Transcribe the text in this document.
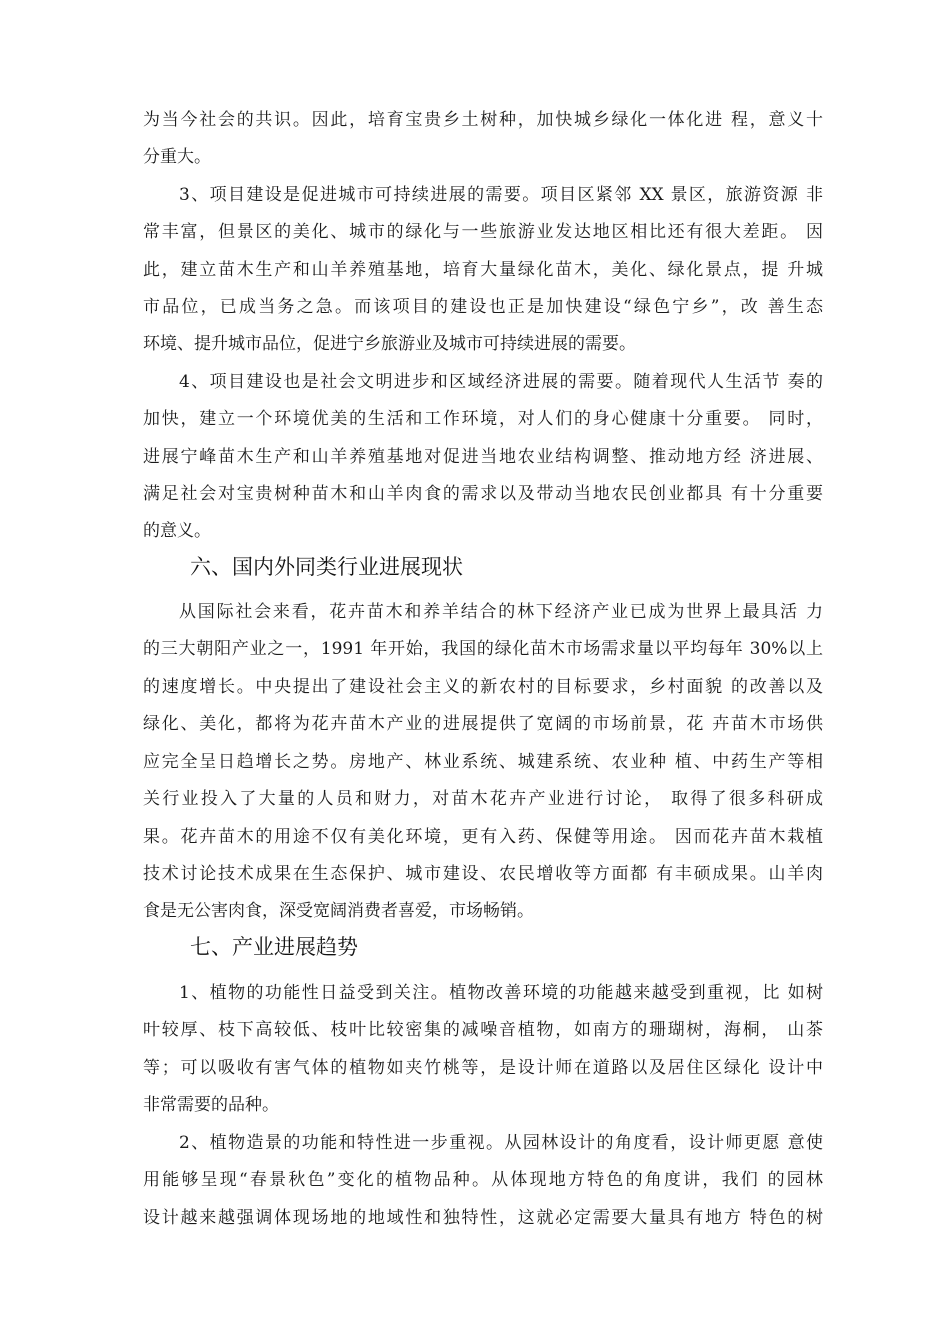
为当今社会的共识。因此，培育宝贵乡土树种，加快城乡绿化一体化进 程，意义十
分重大。
3、项目建设是促进城市可持续进展的需要。项目区紧邻 XX 景区，旅游资源 非
常丰富，但景区的美化、城市的绿化与一些旅游业发达地区相比还有很大差距。 因
此，建立苗木生产和山羊养殖基地，培育大量绿化苗木，美化、绿化景点，提 升城
市品位，已成当务之急。而该项目的建设也正是加快建设“绿色宁乡”，改 善生态
环境、提升城市品位，促进宁乡旅游业及城市可持续进展的需要。
4、项目建设也是社会文明进步和区域经济进展的需要。随着现代人生活节 奏的
加快，建立一个环境优美的生活和工作环境，对人们的身心健康十分重要。 同时，
进展宁峰苗木生产和山羊养殖基地对促进当地农业结构调整、推动地方经 济进展、
满足社会对宝贵树种苗木和山羊肉食的需求以及带动当地农民创业都具 有十分重要
的意义。
六、国内外同类行业进展现状
从国际社会来看，花卉苗木和养羊结合的林下经济产业已成为世界上最具活 力
的三大朝阳产业之一，1991 年开始，我国的绿化苗木市场需求量以平均每年 30%以上
的速度增长。中央提出了建设社会主义的新农村的目标要求，乡村面貌 的改善以及
绿化、美化，都将为花卉苗木产业的进展提供了宽阔的市场前景，花 卉苗木市场供
应完全呈日趋增长之势。房地产、林业系统、城建系统、农业种 植、中药生产等相
关行业投入了大量的人员和财力，对苗木花卉产业进行讨论， 取得了很多科研成
果。花卉苗木的用途不仅有美化环境，更有入药、保健等用途。 因而花卉苗木栽植
技术讨论技术成果在生态保护、城市建设、农民增收等方面都 有丰硕成果。山羊肉
食是无公害肉食，深受宽阔消费者喜爱，市场畅销。
七、产业进展趋势
1、植物的功能性日益受到关注。植物改善环境的功能越来越受到重视，比 如树
叶较厚、枝下高较低、枝叶比较密集的减噪音植物，如南方的珊瑚树，海桐， 山茶
等；可以吸收有害气体的植物如夹竹桃等，是设计师在道路以及居住区绿化 设计中
非常需要的品种。
2、植物造景的功能和特性进一步重视。从园林设计的角度看，设计师更愿 意使
用能够呈现“春景秋色”变化的植物品种。从体现地方特色的角度讲，我们 的园林
设计越来越强调体现场地的地域性和独特性，这就必定需要大量具有地方 特色的树
